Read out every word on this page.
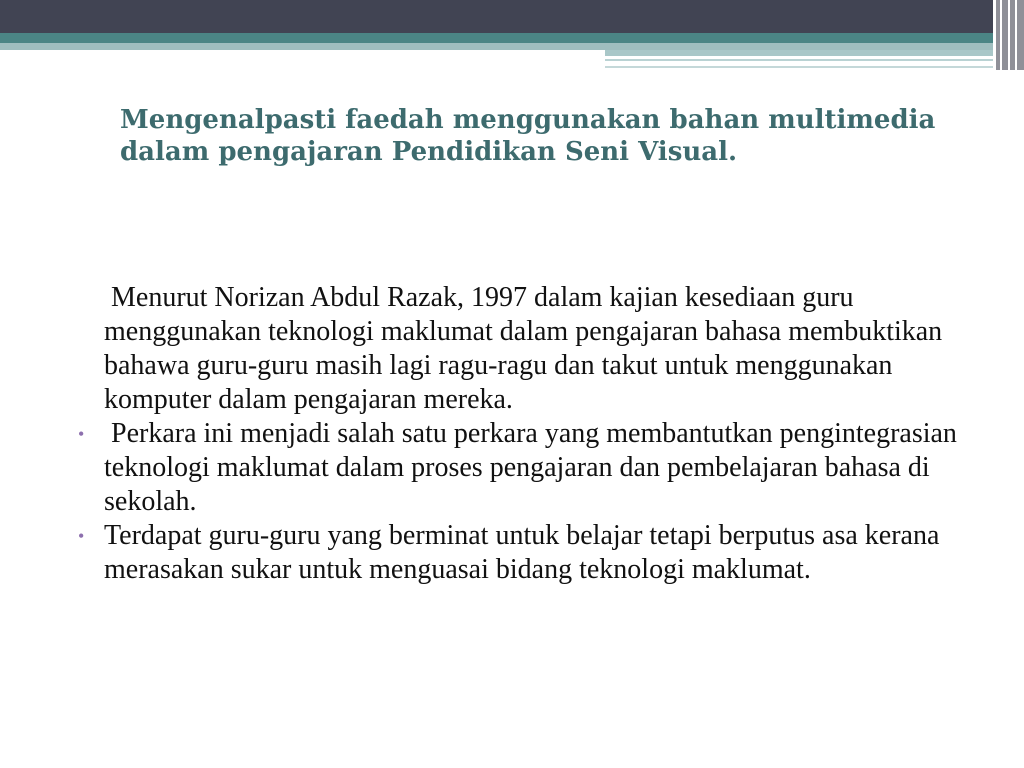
Mengenalpasti faedah menggunakan bahan multimedia dalam pengajaran Pendidikan Seni Visual.
Menurut Norizan Abdul Razak, 1997 dalam kajian kesediaan guru menggunakan teknologi maklumat dalam pengajaran bahasa membuktikan bahawa guru-guru masih lagi ragu-ragu dan takut untuk menggunakan komputer dalam pengajaran mereka.
• Perkara ini menjadi salah satu perkara yang membantutkan pengintegrasian teknologi maklumat dalam proses pengajaran dan pembelajaran bahasa di sekolah.
• Terdapat guru-guru yang berminat untuk belajar tetapi berputus asa kerana merasakan sukar untuk menguasai bidang teknologi maklumat.
